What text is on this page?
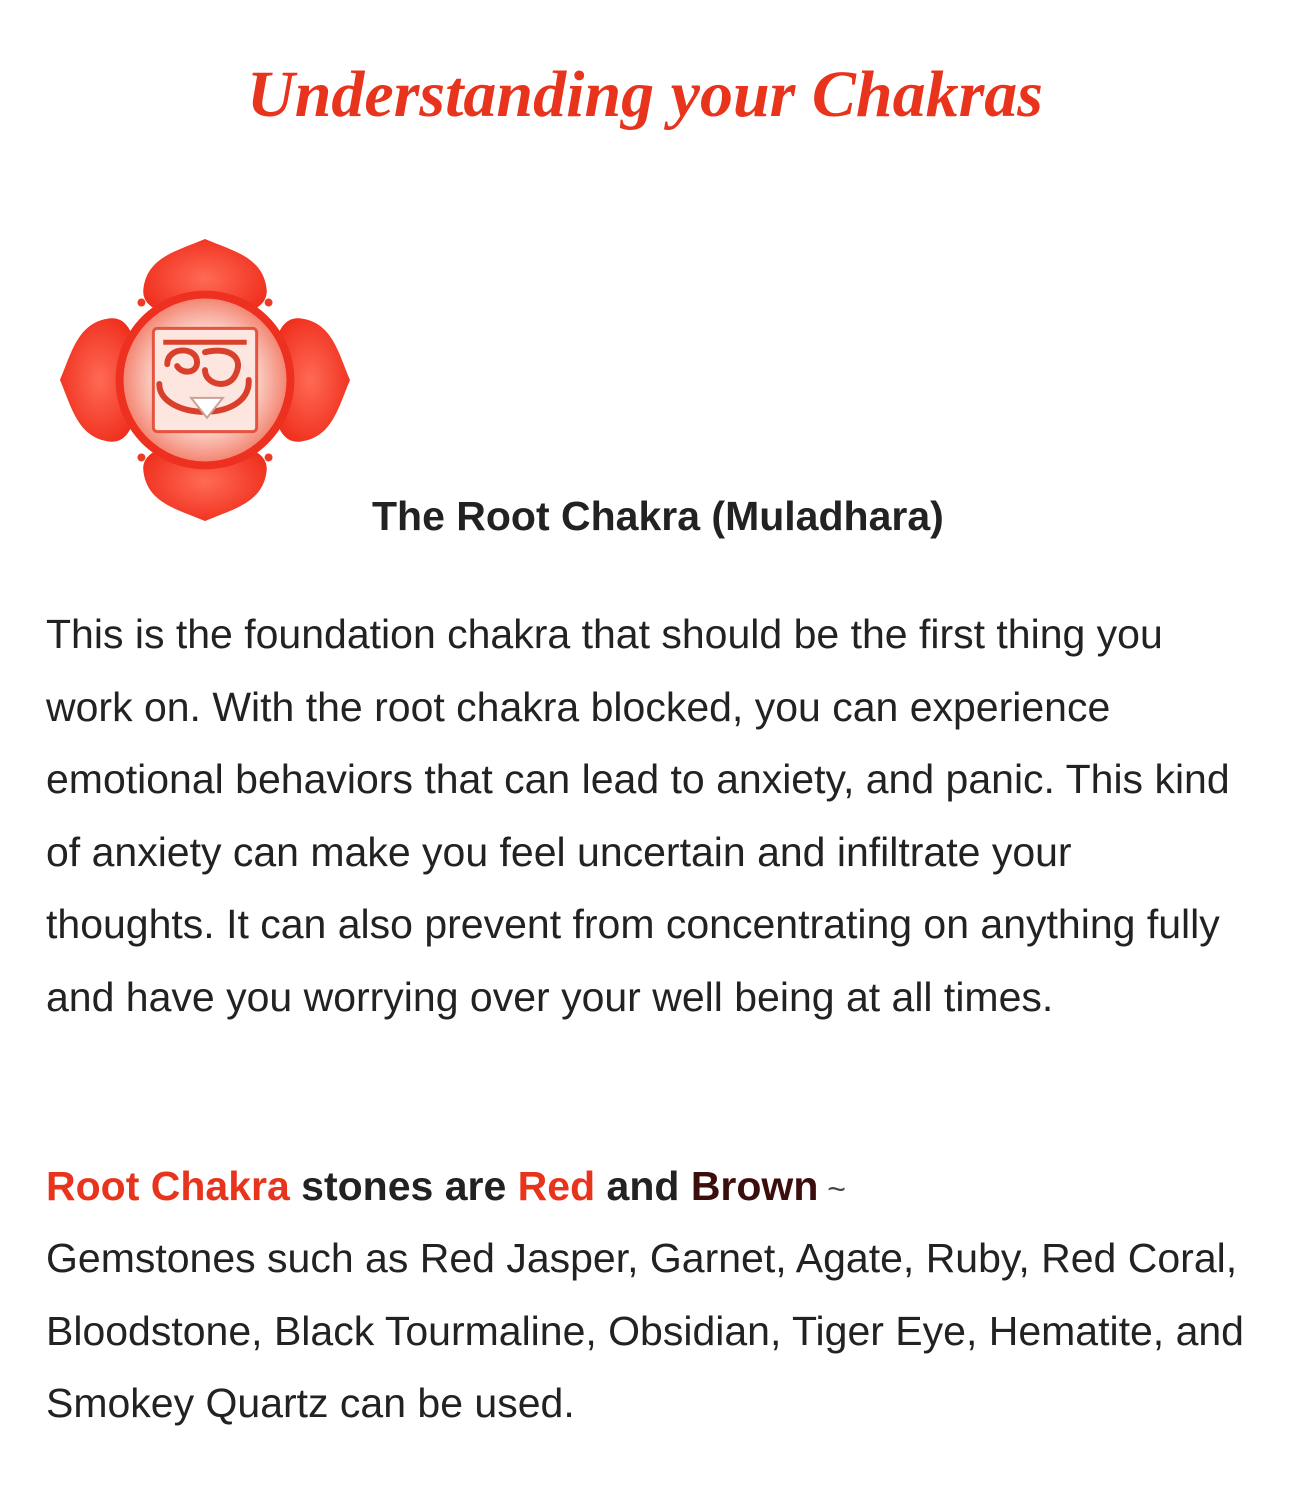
Understanding your Chakras
The Root Chakra (Muladhara)

This is the foundation chakra that should be the first thing you work on. With the root chakra blocked, you can experience emotional behaviors that can lead to anxiety, and panic. This kind of anxiety can make you feel uncertain and infiltrate your thoughts. It can also prevent from concentrating on anything fully and have you worrying over your well being at all times.

Root Chakra stones are Red and Brown ~

Gemstones such as Red Jasper, Garnet, Agate, Ruby, Red Coral, Bloodstone, Black Tourmaline, Obsidian, Tiger Eye, Hematite, and Smokey Quartz can be used.
